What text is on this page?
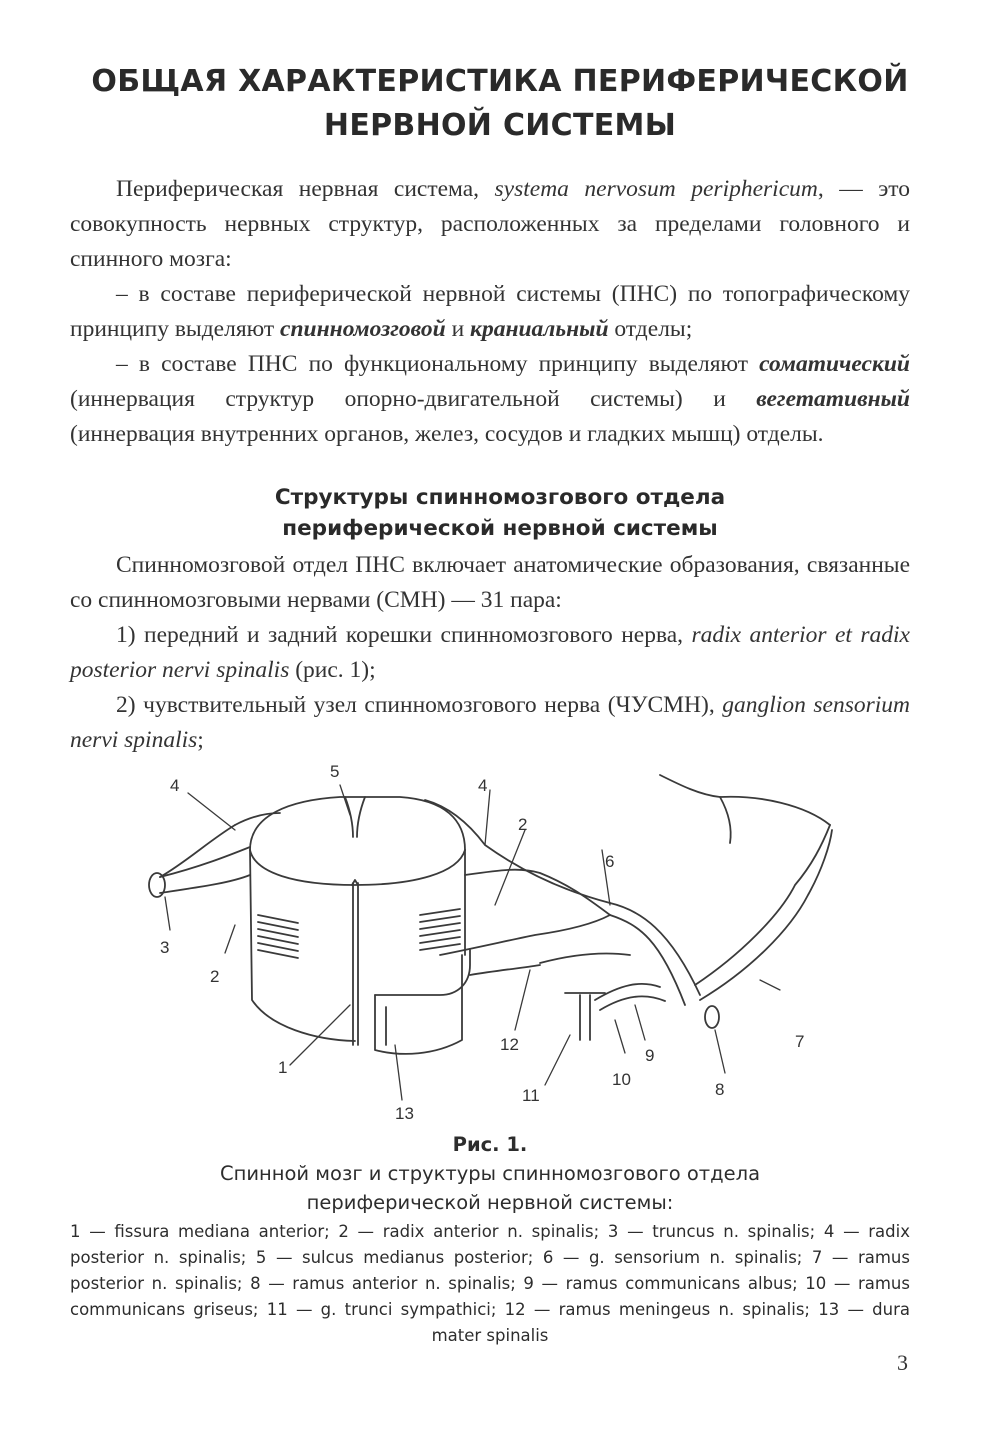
ОБЩАЯ ХАРАКТЕРИСТИКА ПЕРИФЕРИЧЕСКОЙ
НЕРВНОЙ СИСТЕМЫ

Периферическая нервная система, systema nervosum periphericum, — это совокупность нервных структур, расположенных за пределами головного и спинного мозга:

– в составе периферической нервной системы (ПНС) по топографическому принципу выделяют спинномозговой и краниальный отделы;

– в составе ПНС по функциональному принципу выделяют соматический (иннервация структур опорно-двигательной системы) и вегетативный (иннервация внутренних органов, желез, сосудов и гладких мышц) отделы.

Структуры спинномозгового отдела
периферической нервной системы

Спинномозговой отдел ПНС включает анатомические образования, связанные со спинномозговыми нервами (СМН) — 31 пара:

1) передний и задний корешки спинномозгового нерва, radix anterior et radix posterior nervi spinalis (рис. 1);

2) чувствительный узел спинномозгового нерва (ЧУСМН), ganglion sensorium nervi spinalis;

4
5
4
2
6
3
2
7
8
9
10
11
12
1
13
Рис. 1.
Спинной мозг и структуры спинномозгового отдела
периферической нервной системы:
1 — fissura mediana anterior; 2 — radix anterior n. spinalis; 3 — truncus n. spinalis; 4 — radix posterior n. spinalis; 5 — sulcus medianus posterior; 6 — g. sensorium n. spinalis; 7 — ramus posterior n. spinalis; 8 — ramus anterior n. spinalis; 9 — ramus communicans albus; 10 — ramus communicans griseus; 11 — g. trunci sympathici; 12 — ramus meningeus n. spinalis; 13 — dura mater spinalis
3
